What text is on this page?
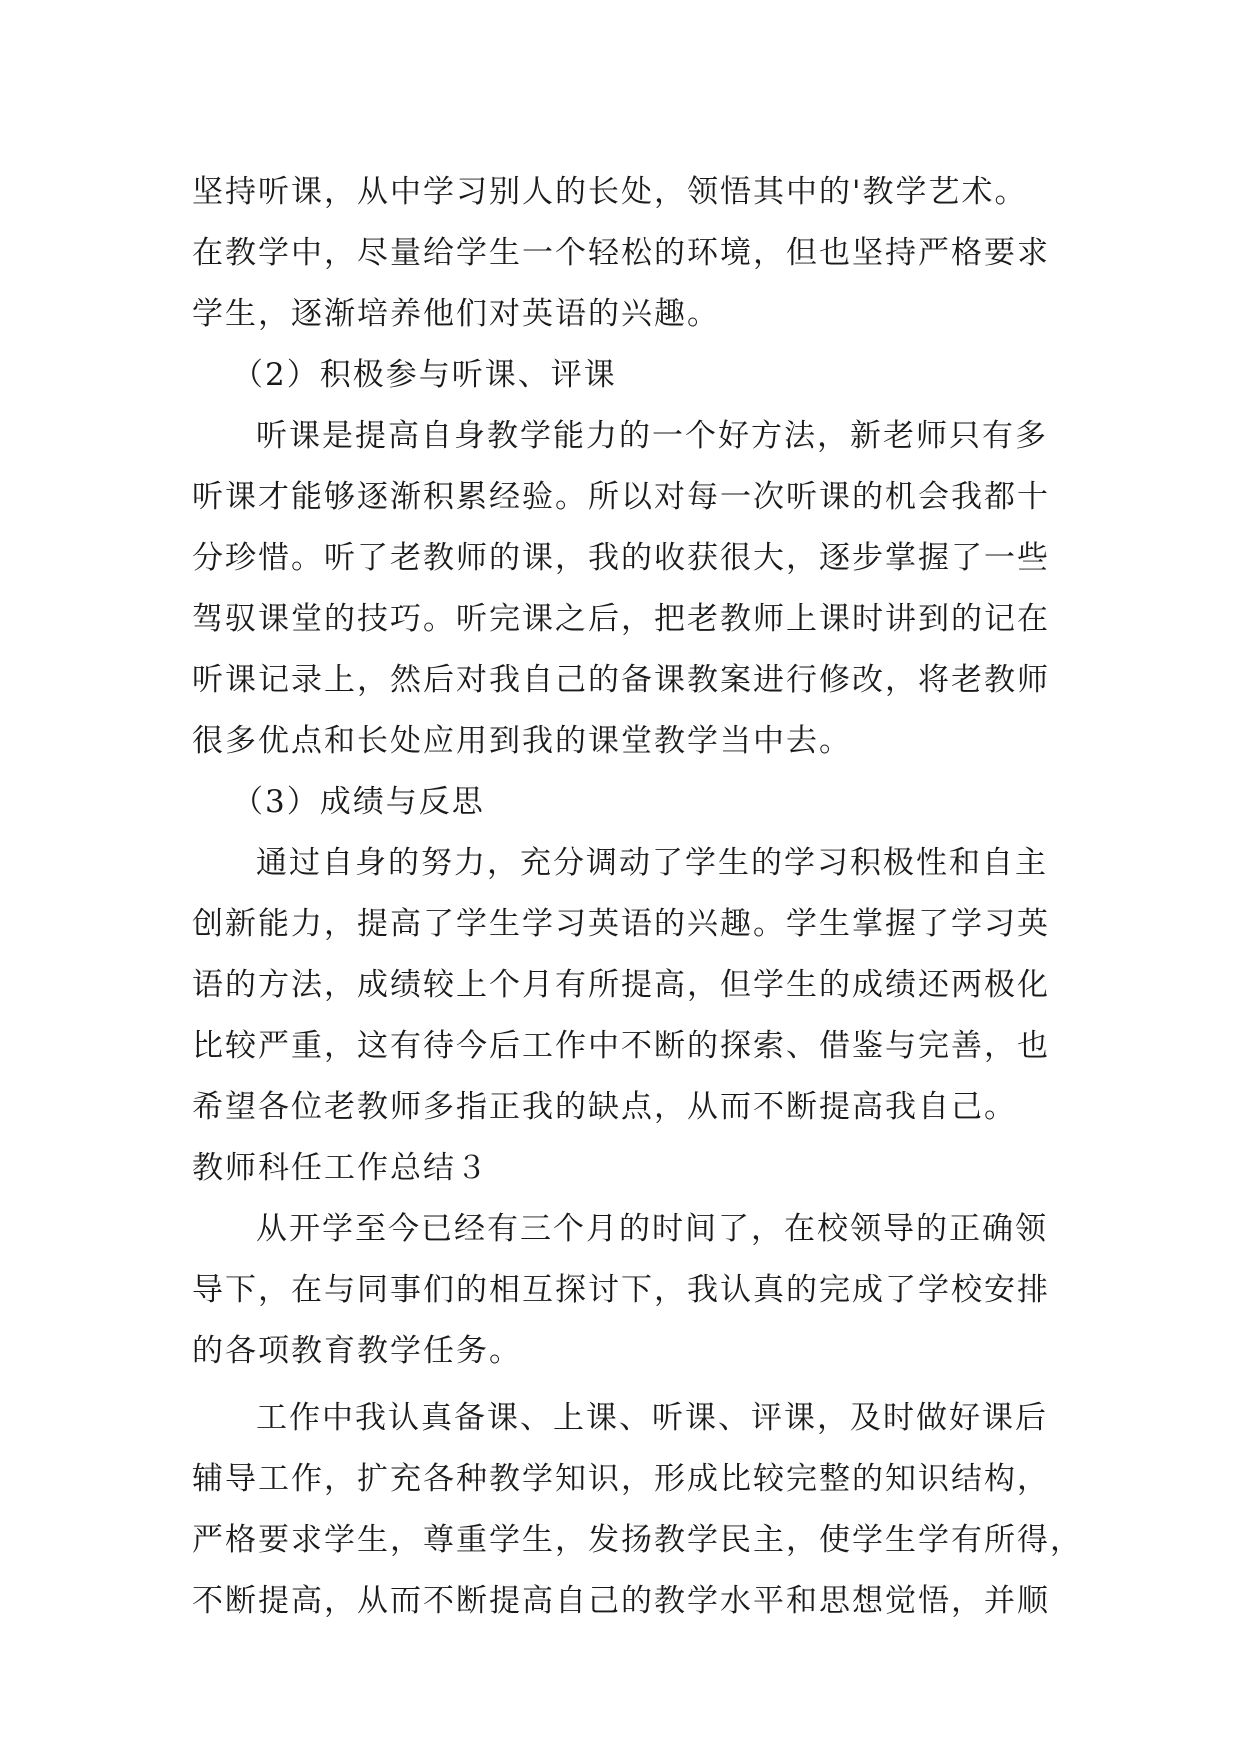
坚持听课，从中学习别人的长处，领悟其中的'教学艺术。
在教学中，尽量给学生一个轻松的环境，但也坚持严格要求
学生，逐渐培养他们对英语的兴趣。
（2）积极参与听课、评课
听课是提高自身教学能力的一个好方法，新老师只有多
听课才能够逐渐积累经验。所以对每一次听课的机会我都十
分珍惜。听了老教师的课，我的收获很大，逐步掌握了一些
驾驭课堂的技巧。听完课之后，把老教师上课时讲到的记在
听课记录上，然后对我自己的备课教案进行修改，将老教师
很多优点和长处应用到我的课堂教学当中去。
（3）成绩与反思
通过自身的努力，充分调动了学生的学习积极性和自主
创新能力，提高了学生学习英语的兴趣。学生掌握了学习英
语的方法，成绩较上个月有所提高，但学生的成绩还两极化
比较严重，这有待今后工作中不断的探索、借鉴与完善，也
希望各位老教师多指正我的缺点，从而不断提高我自己。
教师科任工作总结３
从开学至今已经有三个月的时间了，在校领导的正确领
导下，在与同事们的相互探讨下，我认真的完成了学校安排
的各项教育教学任务。
工作中我认真备课、上课、听课、评课，及时做好课后
辅导工作，扩充各种教学知识，形成比较完整的知识结构，
严格要求学生，尊重学生，发扬教学民主，使学生学有所得，
不断提高，从而不断提高自己的教学水平和思想觉悟，并顺
